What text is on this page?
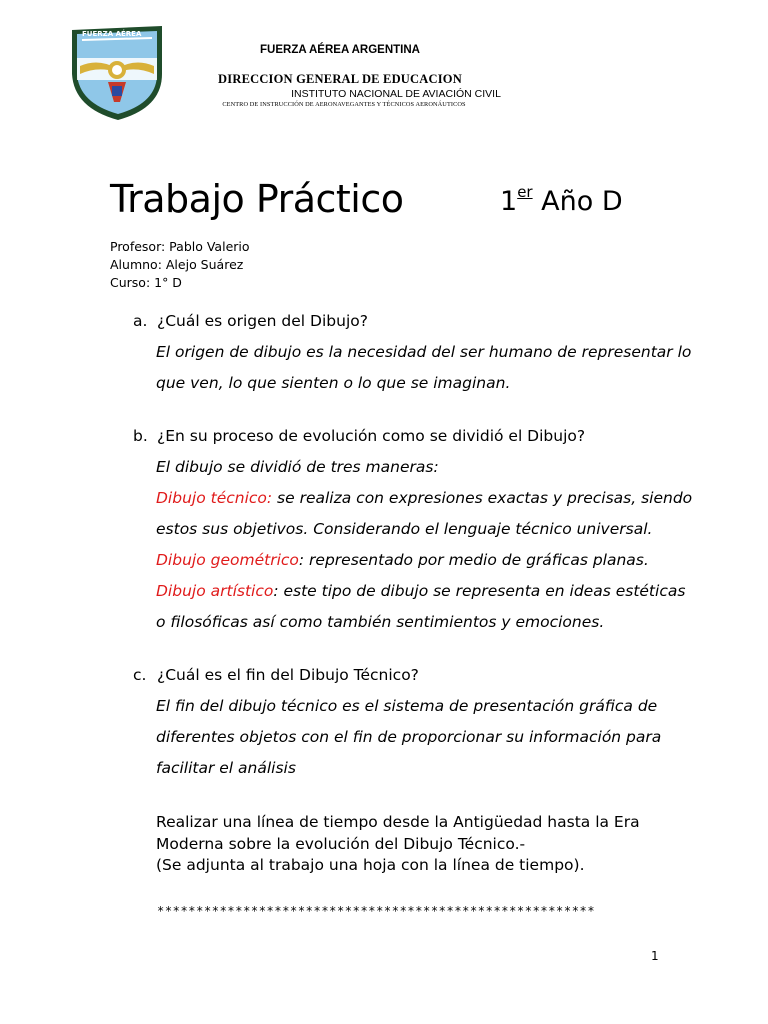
FUERZA AÉREA
FUERZA AÉREA ARGENTINA
DIRECCION GENERAL DE EDUCACION
INSTITUTO NACIONAL DE AVIACIÓN CIVIL
CENTRO DE INSTRUCCIÓN DE AERONAVEGANTES Y TÉCNICOS AERONÁUTICOS
Trabajo Práctico	1er Año D
Profesor: Pablo Valerio
Alumno: Alejo Suárez
Curso: 1° D
a. ¿Cuál es origen del Dibujo?
El origen de dibujo es la necesidad del ser humano de representar lo
que ven, lo que sienten o lo que se imaginan.
b. ¿En su proceso de evolución como se dividió el Dibujo?
El dibujo se dividió de tres maneras:
Dibujo técnico: se realiza con expresiones exactas y precisas, siendo
estos sus objetivos. Considerando el lenguaje técnico universal.
Dibujo geométrico: representado por medio de gráficas planas.
Dibujo artístico: este tipo de dibujo se representa en ideas estéticas
o filosóficas así como también sentimientos y emociones.
c. ¿Cuál es el fin del Dibujo Técnico?
El fin del dibujo técnico es el sistema de presentación gráfica de
diferentes objetos con el fin de proporcionar su información para
facilitar el análisis
Realizar una línea de tiempo desde la Antigüedad hasta la Era
Moderna sobre la evolución del Dibujo Técnico.-
(Se adjunta al trabajo una hoja con la línea de tiempo).
********************************************************
1
